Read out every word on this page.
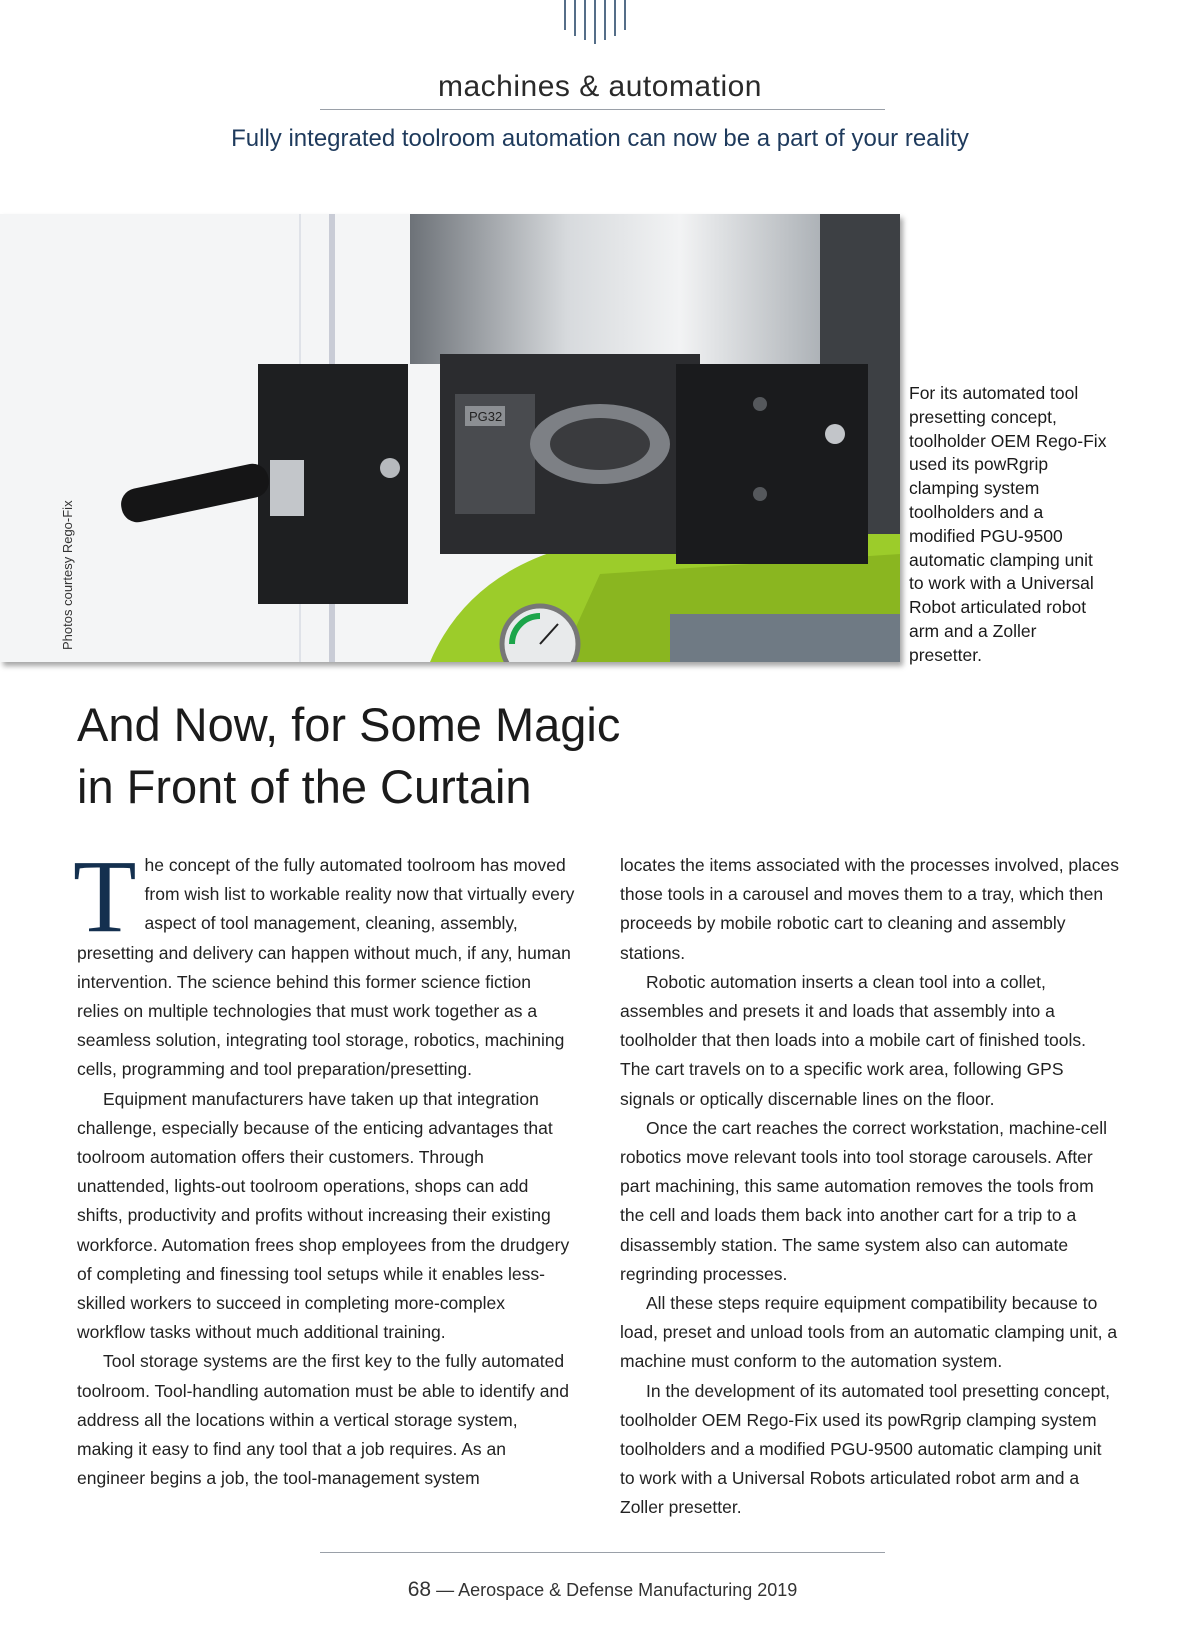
machines & automation
Fully integrated toolroom automation can now be a part of your reality
PG32
Photos courtesy Rego-Fix
For its automated tool presetting concept, toolholder OEM Rego-Fix used its powRgrip clamping system toolholders and a modified PGU-9500 automatic clamping unit to work with a Universal Robot articulated robot arm and a Zoller presetter.
And Now, for Some Magic
in Front of the Curtain

The concept of the fully automated toolroom has moved from wish list to workable reality now that virtually every aspect of tool management, cleaning, assembly, presetting and delivery can happen without much, if any, human intervention. The science behind this former science fiction relies on multiple technologies that must work together as a seamless solution, integrating tool storage, robotics, machining cells, programming and tool preparation/presetting.

Equipment manufacturers have taken up that integration challenge, especially because of the enticing advantages that toolroom automation offers their customers. Through unattended, lights-out toolroom operations, shops can add shifts, productivity and profits without increasing their existing workforce. Automation frees shop employees from the drudgery of completing and finessing tool setups while it enables less-skilled workers to succeed in completing more-complex workflow tasks without much additional training.

Tool storage systems are the first key to the fully automated toolroom. Tool-handling automation must be able to identify and address all the locations within a vertical storage system, making it easy to find any tool that a job requires. As an engineer begins a job, the tool-management system

locates the items associated with the processes involved, places those tools in a carousel and moves them to a tray, which then proceeds by mobile robotic cart to cleaning and assembly stations.

Robotic automation inserts a clean tool into a collet, assembles and presets it and loads that assembly into a toolholder that then loads into a mobile cart of finished tools. The cart travels on to a specific work area, following GPS signals or optically discernable lines on the floor.

Once the cart reaches the correct workstation, machine-cell robotics move relevant tools into tool storage carousels. After part machining, this same automation removes the tools from the cell and loads them back into another cart for a trip to a disassembly station. The same system also can automate regrinding processes.

All these steps require equipment compatibility because to load, preset and unload tools from an automatic clamping unit, a machine must conform to the automation system.

In the development of its automated tool presetting concept, toolholder OEM Rego-Fix used its powRgrip clamping system toolholders and a modified PGU-9500 automatic clamping unit to work with a Universal Robots articulated robot arm and a Zoller presetter.

68 — Aerospace & Defense Manufacturing 2019
